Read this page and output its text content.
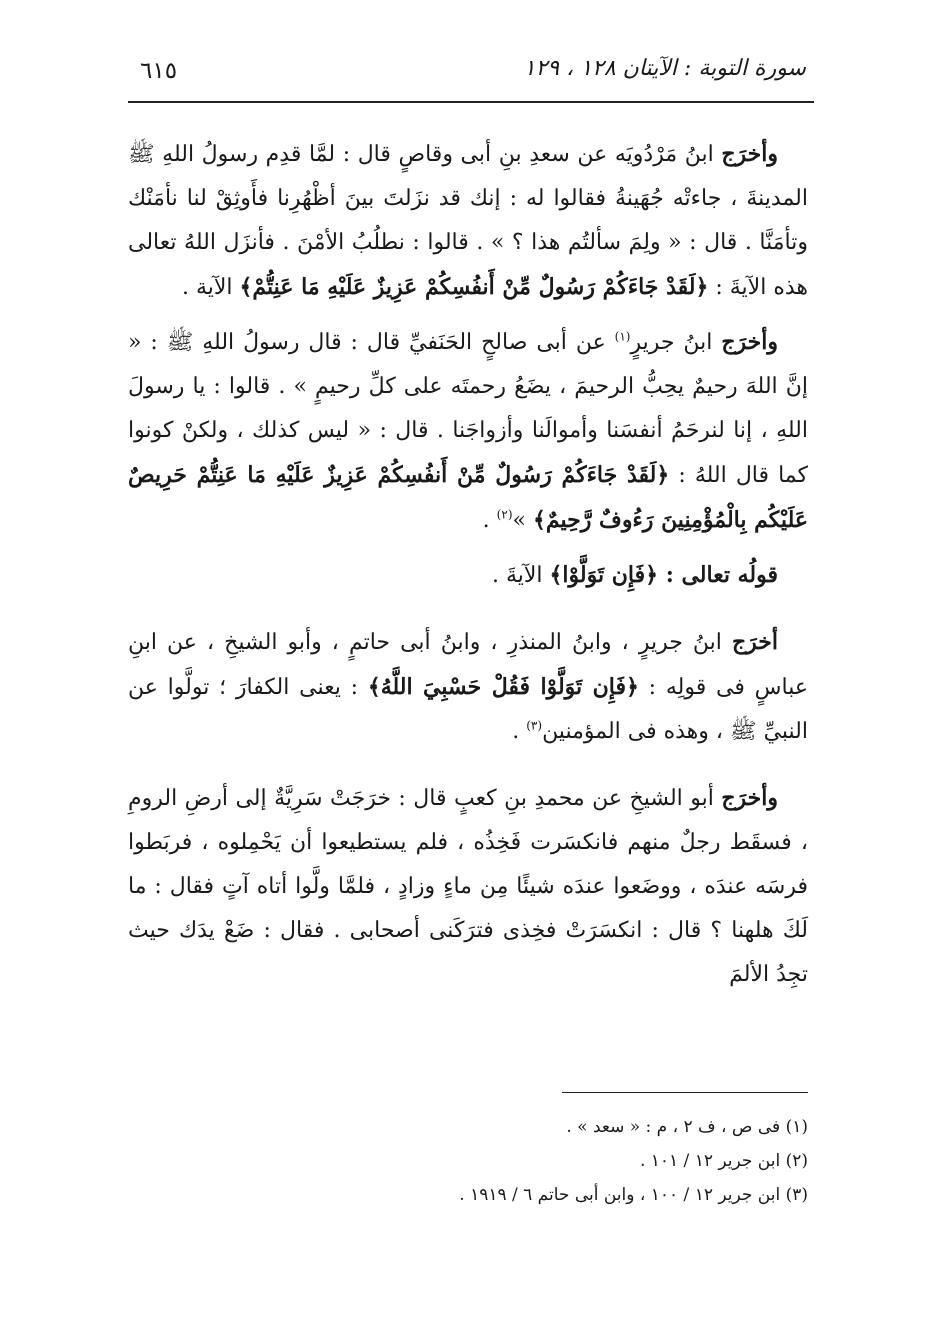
٦١٥	سورة التوبة : الآيتان ١٢٨ ، ١٢٩

وأخرَج ابنُ مَرْدُويَه عن سعدِ بنِ أبى وقاصٍ قال : لمَّا قدِم رسولُ اللهِ ﷺ المدينةَ ، جاءتْه جُهَينةُ فقالوا له : إنك قد نزَلتَ بينَ أظْهُرِنا فأَوثِقْ لنا نأمَنْك وتأمَنَّا . قال : « ولِمَ سألتُم هذا ؟ » . قالوا : نطلُبُ الأمْنَ . فأنزَل اللهُ تعالى هذه الآيةَ : ﴿لَقَدْ جَاءَكُمْ رَسُولٌ مِّنْ أَنفُسِكُمْ عَزِيزٌ عَلَيْهِ مَا عَنِتُّمْ﴾ الآية .

وأخرَج ابنُ جريرٍ$^{(١)}$ عن أبى صالحٍ الحَنَفيِّ قال : قال رسولُ اللهِ ﷺ : « إنَّ اللهَ رحيمٌ يحِبُّ الرحيمَ ، يضَعُ رحمتَه على كلِّ رحيمٍ » . قالوا : يا رسولَ اللهِ ، إنا لنرحَمُ أنفسَنا وأموالَنا وأزواجَنا . قال : « ليس كذلك ، ولكنْ كونوا كما قال اللهُ : ﴿لَقَدْ جَاءَكُمْ رَسُولٌ مِّنْ أَنفُسِكُمْ عَزِيزٌ عَلَيْهِ مَا عَنِتُّمْ حَرِيصٌ عَلَيْكُم بِالْمُؤْمِنِينَ رَءُوفٌ رَّحِيمٌ﴾ »$^{(٢)}$ .

قولُه تعالى : ﴿فَإِن تَوَلَّوْا﴾ الآيةَ .

أخرَج ابنُ جريرٍ ، وابنُ المنذرِ ، وابنُ أبى حاتمٍ ، وأبو الشيخِ ، عن ابنِ عباسٍ فى قولِه : ﴿فَإِن تَوَلَّوْا فَقُلْ حَسْبِيَ اللَّهُ﴾ : يعنى الكفارَ ؛ تولَّوا عن النبيِّ ﷺ ، وهذه فى المؤمنين$^{(٣)}$ .

وأخرَج أبو الشيخِ عن محمدِ بنِ كعبٍ قال : خرَجَتْ سَرِيَّةٌ إلى أرضِ الرومِ ، فسقَط رجلٌ منهم فانكسَرت فَخِذُه ، فلم يستطيعوا أن يَحْمِلوه ، فربَطوا فرسَه عندَه ، ووضَعوا عندَه شيئًا مِن ماءٍ وزادٍ ، فلمَّا ولَّوا أتاه آتٍ فقال : ما لَكَ هلهنا ؟ قال : انكسَرَتْ فخِذى فترَكَنى أصحابى . فقال : ضَعْ يدَك حيث تجِدُ الألمَ

(١) فى ص ، ف ٢ ، م : « سعد » .

(٢) ابن جرير ١٢ / ١٠١ .

(٣) ابن جرير ١٢ / ١٠٠ ، وابن أبى حاتم ٦ / ١٩١٩ .
